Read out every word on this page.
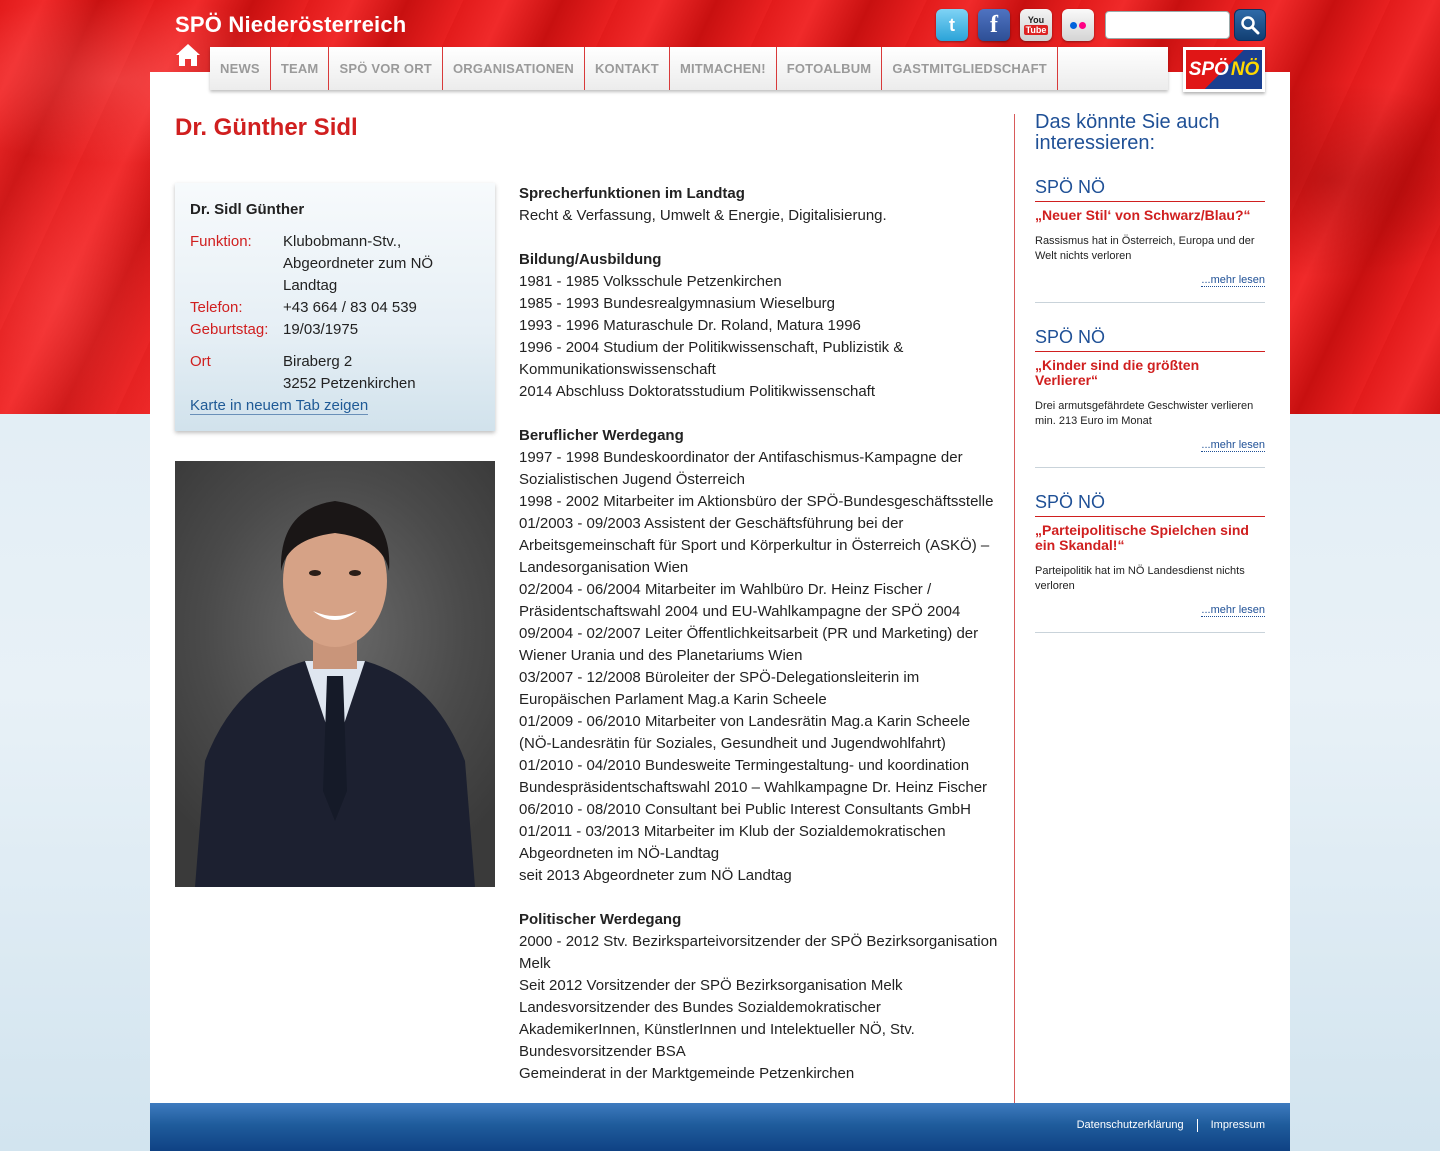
SPÖ Niederösterreich	t f	You
Tube
NEWS	TEAM	SPÖ VOR ORT	ORGANISATIONEN	KONTAKT	MITMACHEN!	FOTOALBUM	GASTMITGLIEDSCHAFT	SPÖ NÖ
Dr. Günther Sidl
Dr. Sidl Günther
Funktion:	Klubobmann-Stv., Abgeordneter zum NÖ Landtag
Telefon:	+43 664 / 83 04 539
Geburtstag: 19/03/1975
Ort	Biraberg 2
3252 Petzenkirchen
Karte in neuem Tab zeigen
Sprecherfunktionen im Landtag
Recht & Verfassung, Umwelt & Energie, Digitalisierung.
Bildung/Ausbildung
1981 - 1985 Volksschule Petzenkirchen
1985 - 1993 Bundesrealgymnasium Wieselburg
1993 - 1996 Maturaschule Dr. Roland, Matura 1996
1996 - 2004 Studium der Politikwissenschaft, Publizistik & Kommunikationswissenschaft
2014 Abschluss Doktoratsstudium Politikwissenschaft
Beruflicher Werdegang
1997 - 1998 Bundeskoordinator der Antifaschismus-Kampagne der Sozialistischen Jugend Österreich
1998 - 2002 Mitarbeiter im Aktionsbüro der SPÖ-Bundesgeschäftsstelle
01/2003 - 09/2003 Assistent der Geschäftsführung bei der Arbeitsgemeinschaft für Sport und Körperkultur in Österreich (ASKÖ) – Landesorganisation Wien
02/2004 - 06/2004 Mitarbeiter im Wahlbüro Dr. Heinz Fischer / Präsidentschaftswahl 2004 und EU-Wahlkampagne der SPÖ 2004
09/2004 - 02/2007 Leiter Öffentlichkeitsarbeit (PR und Marketing) der Wiener Urania und des Planetariums Wien
03/2007 - 12/2008 Büroleiter der SPÖ-Delegationsleiterin im Europäischen Parlament Mag.a Karin Scheele
01/2009 - 06/2010 Mitarbeiter von Landesrätin Mag.a Karin Scheele (NÖ-Landesrätin für Soziales, Gesundheit und Jugendwohlfahrt)
01/2010 - 04/2010 Bundesweite Termingestaltung- und koordination Bundespräsidentschaftswahl 2010 – Wahlkampagne Dr. Heinz Fischer
06/2010 - 08/2010 Consultant bei Public Interest Consultants GmbH
01/2011 - 03/2013 Mitarbeiter im Klub der Sozialdemokratischen Abgeordneten im NÖ-Landtag
seit 2013 Abgeordneter zum NÖ Landtag
Politischer Werdegang
2000 - 2012 Stv. Bezirksparteivorsitzender der SPÖ Bezirksorganisation Melk
Seit 2012 Vorsitzender der SPÖ Bezirksorganisation Melk
Landesvorsitzender des Bundes Sozialdemokratischer AkademikerInnen, KünstlerInnen und Intelektueller NÖ, Stv. Bundesvorsitzender BSA
Gemeinderat in der Marktgemeinde Petzenkirchen
Das könnte Sie auch interessieren:
SPÖ NÖ
„Neuer Stil‘ von Schwarz/Blau?“
Rassismus hat in Österreich, Europa und der Welt nichts verloren
...mehr lesen
SPÖ NÖ
„Kinder sind die größten Verlierer“
Drei armutsgefährdete Geschwister verlieren min. 213 Euro im Monat
...mehr lesen
SPÖ NÖ
„Parteipolitische Spielchen sind ein Skandal!“
Parteipolitik hat im NÖ Landesdienst nichts verloren
...mehr lesen
Datenschutzerklärung Impressum
